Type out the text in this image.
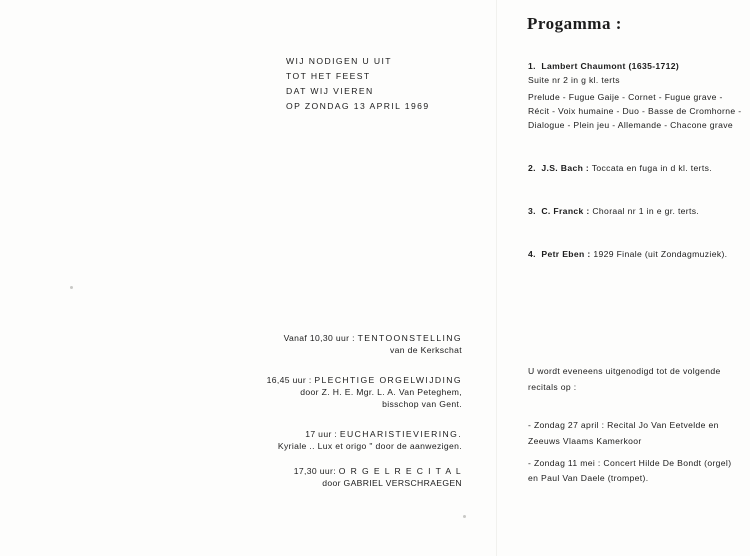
WIJ NODIGEN U UIT
TOT HET FEEST
DAT WIJ VIEREN
OP ZONDAG 13 APRIL 1969
Vanaf 10,30 uur : TENTOONSTELLING
van de Kerkschat
16,45 uur : PLECHTIGE ORGELWIJDING
door Z. H. E. Mgr. L. A. Van Peteghem,
bisschop van Gent.
17 uur : EUCHARISTIEVIERING.
Kyriale .. Lux et origo " door de aanwezigen.
17,30 uur: O R G E L R E C I T A L
door GABRIEL VERSCHRAEGEN
Progamma :
1. Lambert Chaumont (1635-1712)
Suite nr 2 in g kl. terts
Prelude - Fugue Gaije - Cornet - Fugue grave -
Récit - Voix humaine - Duo - Basse de Cromhorne -
Dialogue - Plein jeu - Allemande - Chacone grave
2. J.S. Bach : Toccata en fuga in d kl. terts.
3. C. Franck : Choraal nr 1 in e gr. terts.
4. Petr Eben : 1929 Finale (uit Zondagmuziek).
U wordt eveneens uitgenodigd tot de volgende
recitals op :
- Zondag 27 april : Recital Jo Van Eetvelde en
Zeeuws Vlaams Kamerkoor
- Zondag 11 mei : Concert Hilde De Bondt (orgel)
en Paul Van Daele (trompet).
